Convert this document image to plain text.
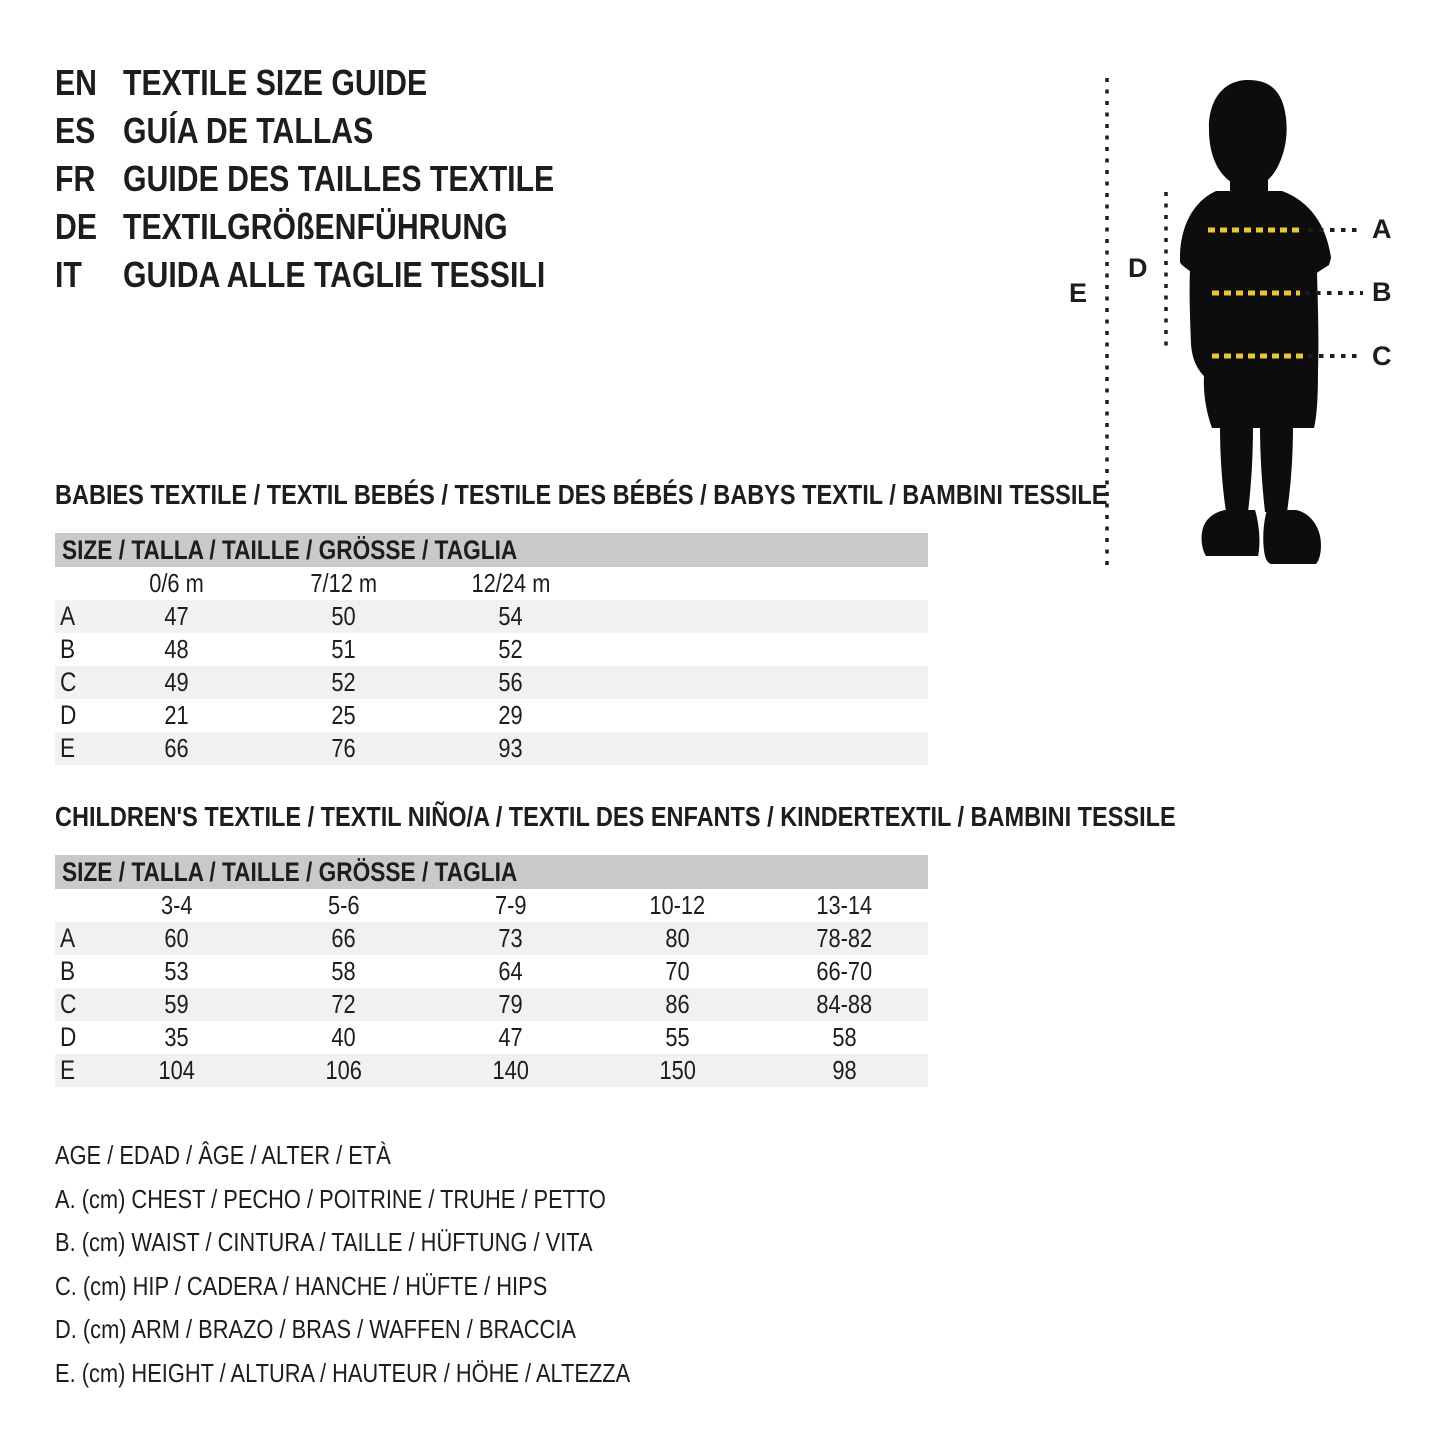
EN TEXTILE SIZE GUIDE
ES GUÍA DE TALLAS
FR GUIDE DES TAILLES TEXTILE
DE TEXTILGRÖßENFÜHRUNG
IT	GUIDA ALLE TAGLIE TESSILI
A
B
C
D
E
BABIES TEXTILE / TEXTIL BEBÉS / TESTILE DES BÉBÉS / BABYS TEXTIL / BAMBINI TESSILE
SIZE / TALLA / TAILLE / GRÖSSE / TAGLIA
0/6 m	7/12 m	12/24 m
A	47	50	54
B	48	51	52
C	49	52	56
D	21	25	29
E	66	76	93
CHILDREN'S TEXTILE / TEXTIL NIÑO/A / TEXTIL DES ENFANTS / KINDERTEXTIL / BAMBINI TESSILE
SIZE / TALLA / TAILLE / GRÖSSE / TAGLIA
3-4	5-6	7-9	10-12	13-14
A	60	66	73	80	78-82
B	53	58	64	70	66-70
C	59	72	79	86	84-88
D	35	40	47	55	58
E	104	106	140	150	98
AGE / EDAD / ÂGE / ALTER / ETÀ
A. (cm) CHEST / PECHO / POITRINE / TRUHE / PETTO
B. (cm) WAIST / CINTURA / TAILLE / HÜFTUNG / VITA
C. (cm) HIP / CADERA / HANCHE / HÜFTE / HIPS
D. (cm) ARM / BRAZO / BRAS / WAFFEN / BRACCIA
E. (cm) HEIGHT / ALTURA / HAUTEUR / HÖHE / ALTEZZA
